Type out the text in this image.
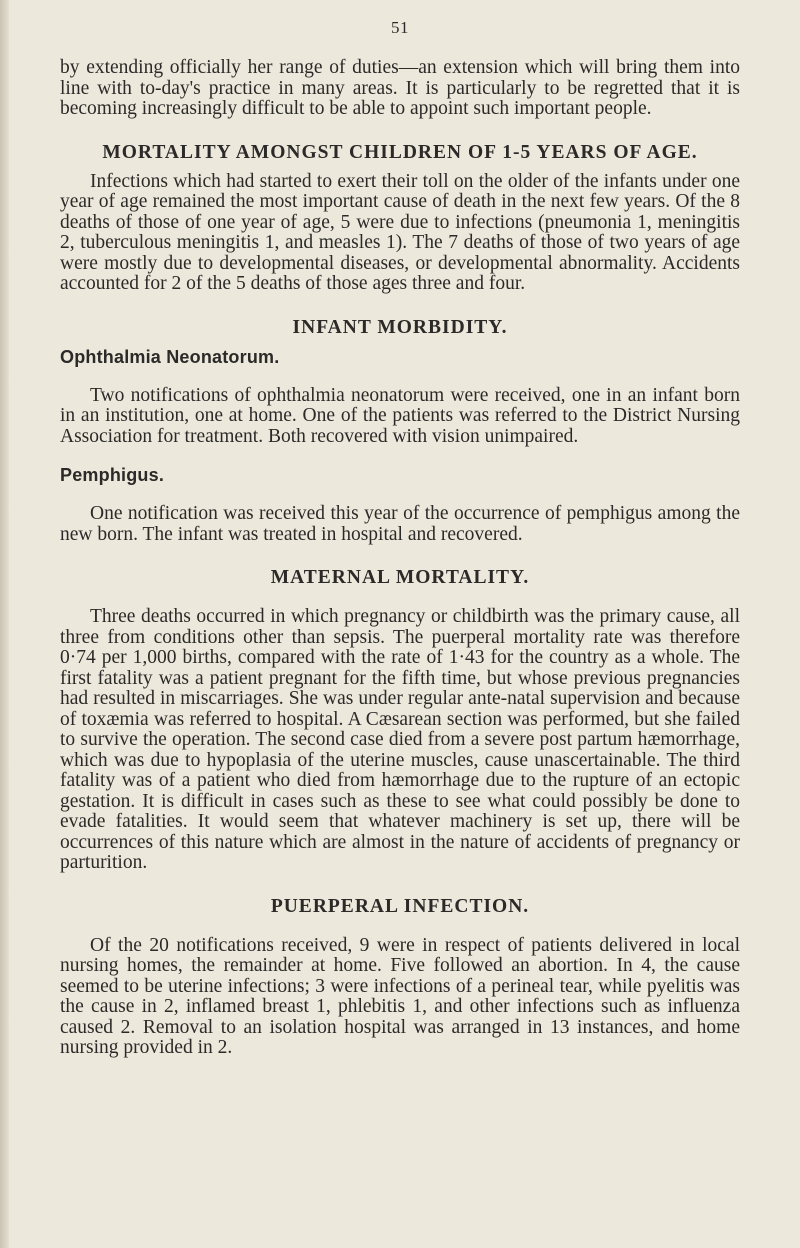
51

by extending officially her range of duties—an extension which will bring them into line with to-day's practice in many areas. It is particularly to be regretted that it is becoming increasingly difficult to be able to appoint such important people.

MORTALITY AMONGST CHILDREN OF 1-5 YEARS OF AGE.

Infections which had started to exert their toll on the older of the infants under one year of age remained the most important cause of death in the next few years. Of the 8 deaths of those of one year of age, 5 were due to infections (pneumonia 1, meningitis 2, tuberculous meningitis 1, and measles 1). The 7 deaths of those of two years of age were mostly due to developmental diseases, or developmental abnormality. Accidents accounted for 2 of the 5 deaths of those ages three and four.

INFANT MORBIDITY.
Ophthalmia Neonatorum.

Two notifications of ophthalmia neonatorum were received, one in an infant born in an institution, one at home. One of the patients was referred to the District Nursing Association for treatment. Both recovered with vision unimpaired.

Pemphigus.

One notification was received this year of the occurrence of pemphigus among the new born. The infant was treated in hospital and recovered.

MATERNAL MORTALITY.

Three deaths occurred in which pregnancy or childbirth was the primary cause, all three from conditions other than sepsis. The puerperal mortality rate was therefore 0·74 per 1,000 births, compared with the rate of 1·43 for the country as a whole. The first fatality was a patient pregnant for the fifth time, but whose previous pregnancies had resulted in miscarriages. She was under regular ante-natal supervision and because of toxæmia was referred to hospital. A Cæsarean section was performed, but she failed to survive the operation. The second case died from a severe post partum hæmorrhage, which was due to hypoplasia of the uterine muscles, cause unascertainable. The third fatality was of a patient who died from hæmorrhage due to the rupture of an ectopic gestation. It is difficult in cases such as these to see what could possibly be done to evade fatalities. It would seem that whatever machinery is set up, there will be occurrences of this nature which are almost in the nature of accidents of pregnancy or parturition.

PUERPERAL INFECTION.

Of the 20 notifications received, 9 were in respect of patients delivered in local nursing homes, the remainder at home. Five followed an abortion. In 4, the cause seemed to be uterine infections; 3 were infections of a perineal tear, while pyelitis was the cause in 2, inflamed breast 1, phlebitis 1, and other infections such as influenza caused 2. Removal to an isolation hospital was arranged in 13 instances, and home nursing provided in 2.
